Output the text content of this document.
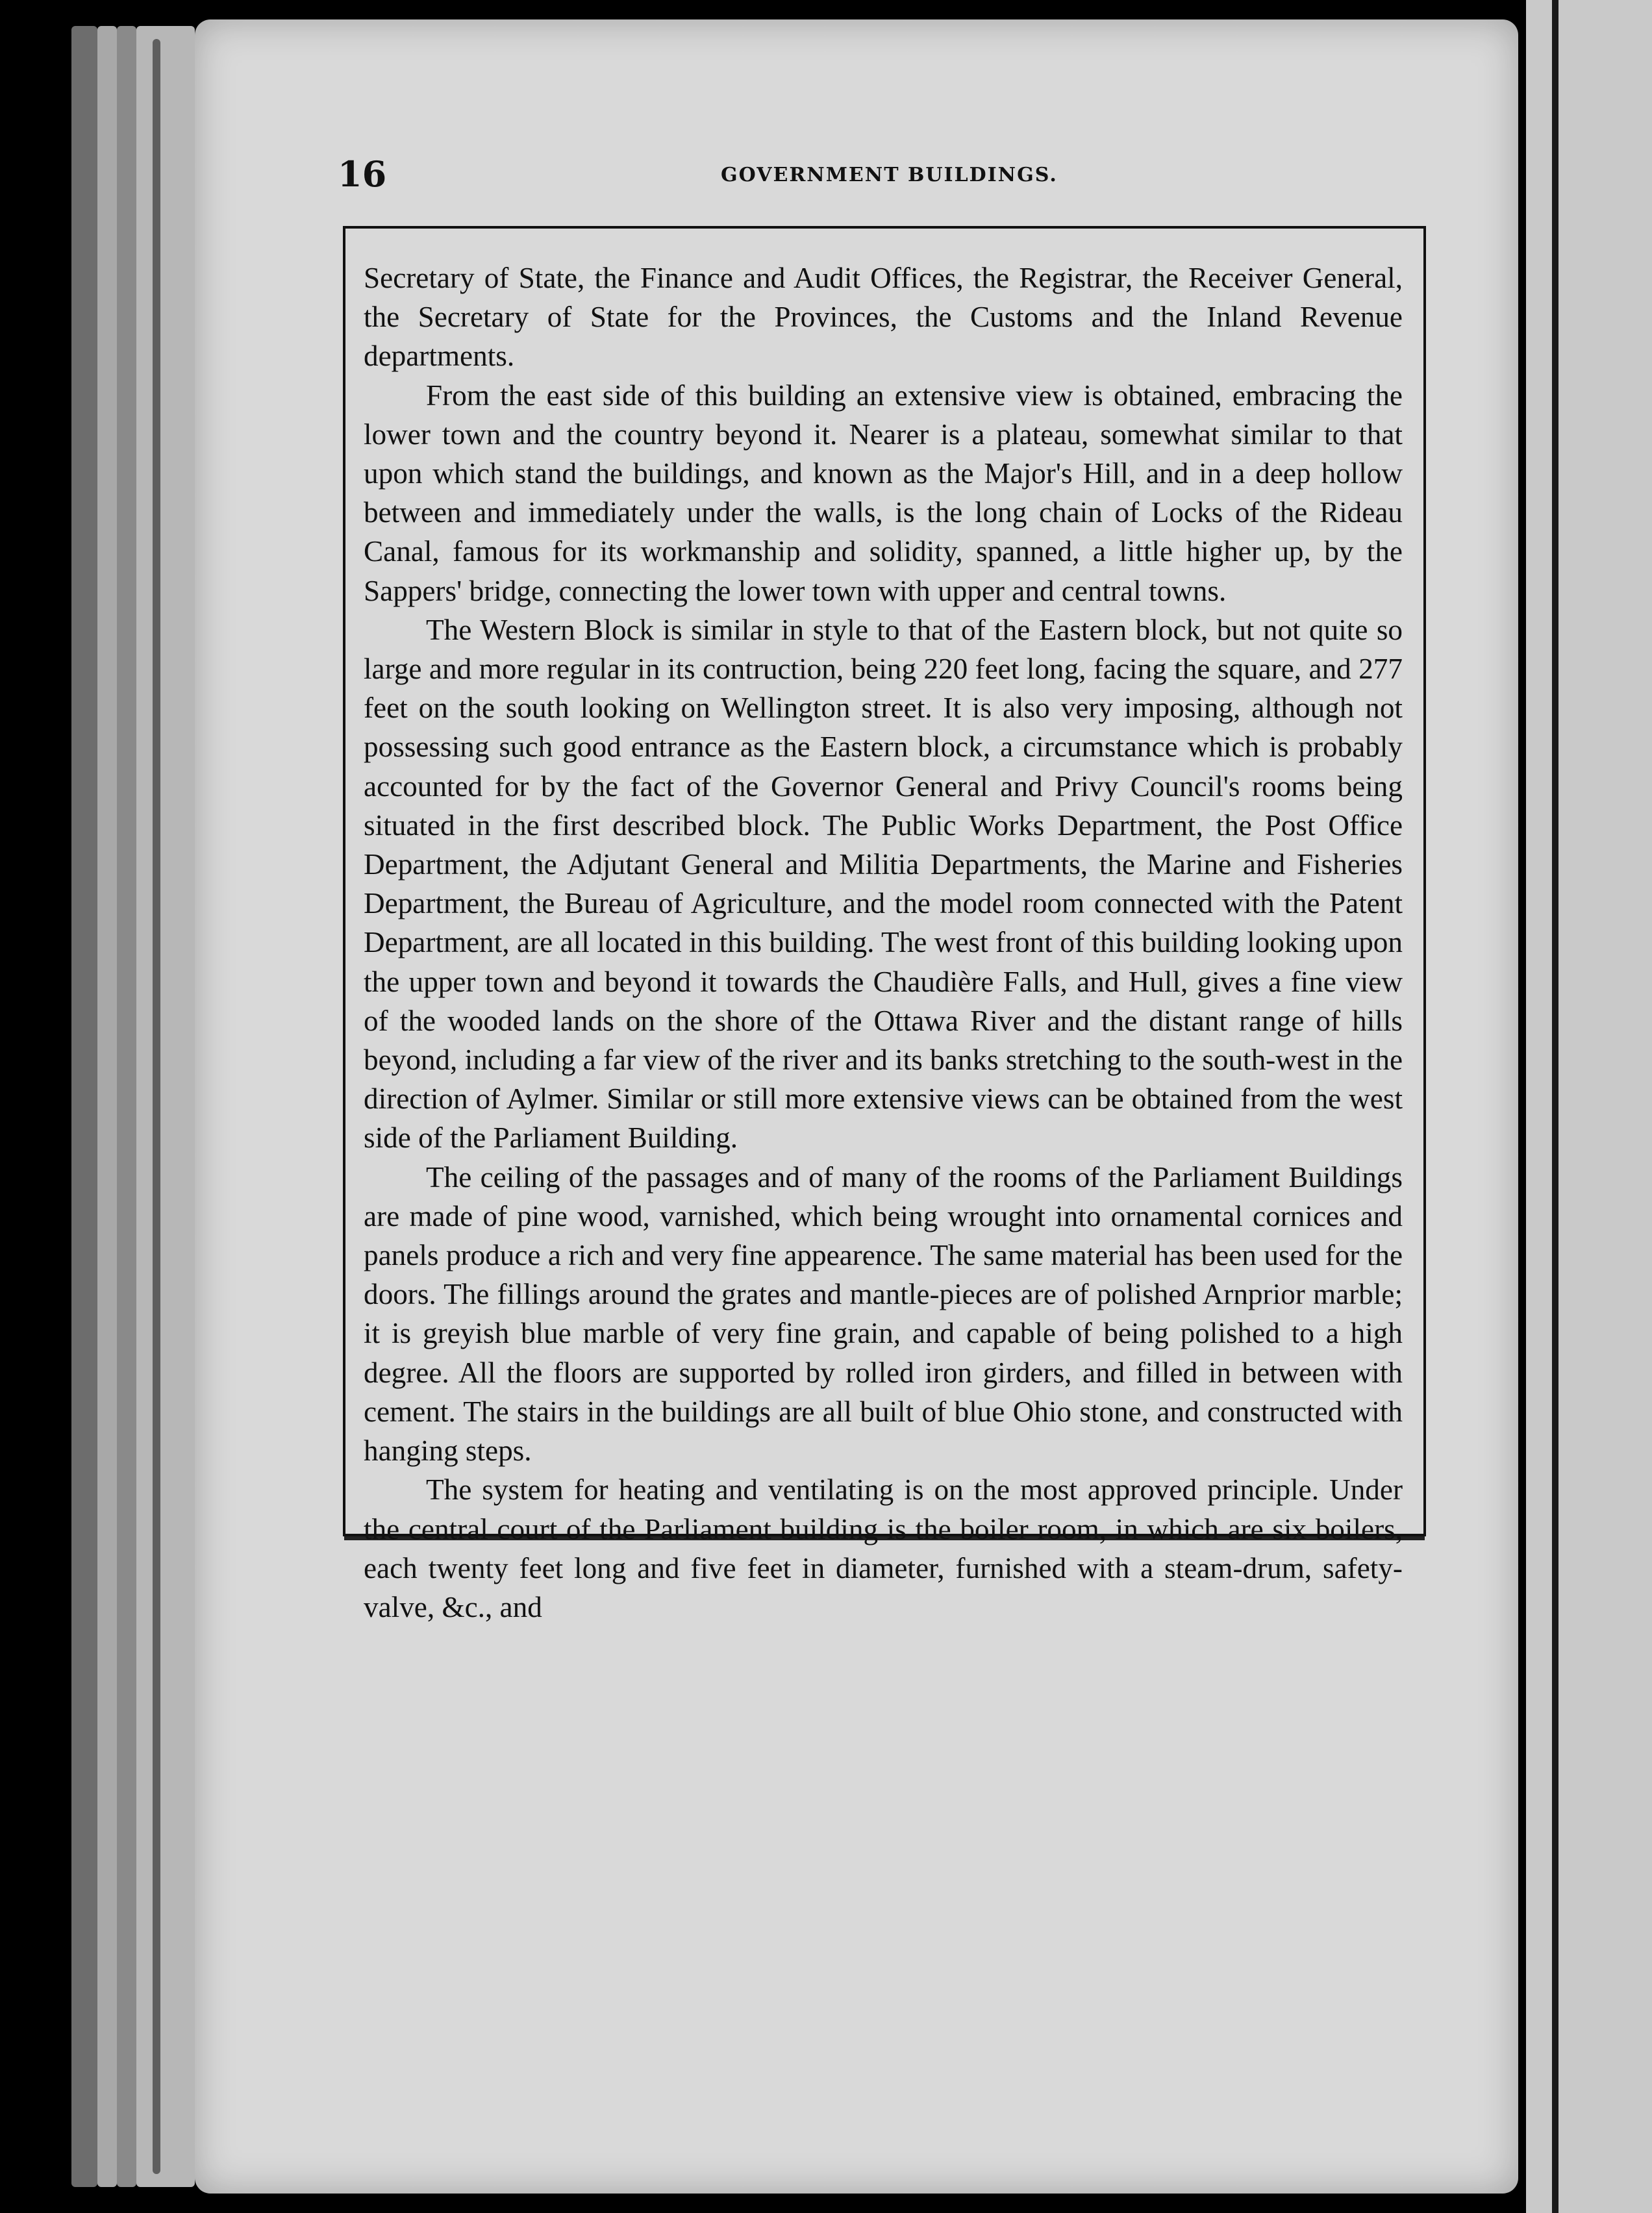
16	GOVERNMENT BUILDINGS.

Secretary of State, the Finance and Audit Offices, the Registrar, the Receiver General, the Secretary of State for the Provinces, the Customs and the Inland Revenue departments.

From the east side of this building an extensive view is obtained, embracing the lower town and the country beyond it. Nearer is a plateau, somewhat similar to that upon which stand the buildings, and known as the Major's Hill, and in a deep hollow between and immediately under the walls, is the long chain of Locks of the Rideau Canal, famous for its workmanship and solidity, spanned, a little higher up, by the Sappers' bridge, connecting the lower town with upper and central towns.

The Western Block is similar in style to that of the Eastern block, but not quite so large and more regular in its contruction, being 220 feet long, facing the square, and 277 feet on the south looking on Wellington street. It is also very imposing, although not possessing such good entrance as the Eastern block, a circumstance which is probably accounted for by the fact of the Governor General and Privy Council's rooms being situated in the first described block. The Public Works Department, the Post Office Department, the Adjutant General and Militia Departments, the Marine and Fisheries Department, the Bureau of Agriculture, and the model room connected with the Patent Department, are all located in this building. The west front of this building looking upon the upper town and beyond it towards the Chaudière Falls, and Hull, gives a fine view of the wooded lands on the shore of the Ottawa River and the distant range of hills beyond, including a far view of the river and its banks stretching to the south-west in the direction of Aylmer. Similar or still more extensive views can be obtained from the west side of the Parliament Building.

The ceiling of the passages and of many of the rooms of the Parliament Buildings are made of pine wood, varnished, which being wrought into ornamental cornices and panels produce a rich and very fine appearence. The same material has been used for the doors. The fillings around the grates and mantle-pieces are of polished Arnprior marble; it is greyish blue marble of very fine grain, and capable of being polished to a high degree. All the floors are supported by rolled iron girders, and filled in between with cement. The stairs in the buildings are all built of blue Ohio stone, and constructed with hanging steps.

The system for heating and ventilating is on the most approved principle. Under the central court of the Parliament building is the boiler room, in which are six boilers, each twenty feet long and five feet in diameter, furnished with a steam-drum, safety-valve, &c., and
